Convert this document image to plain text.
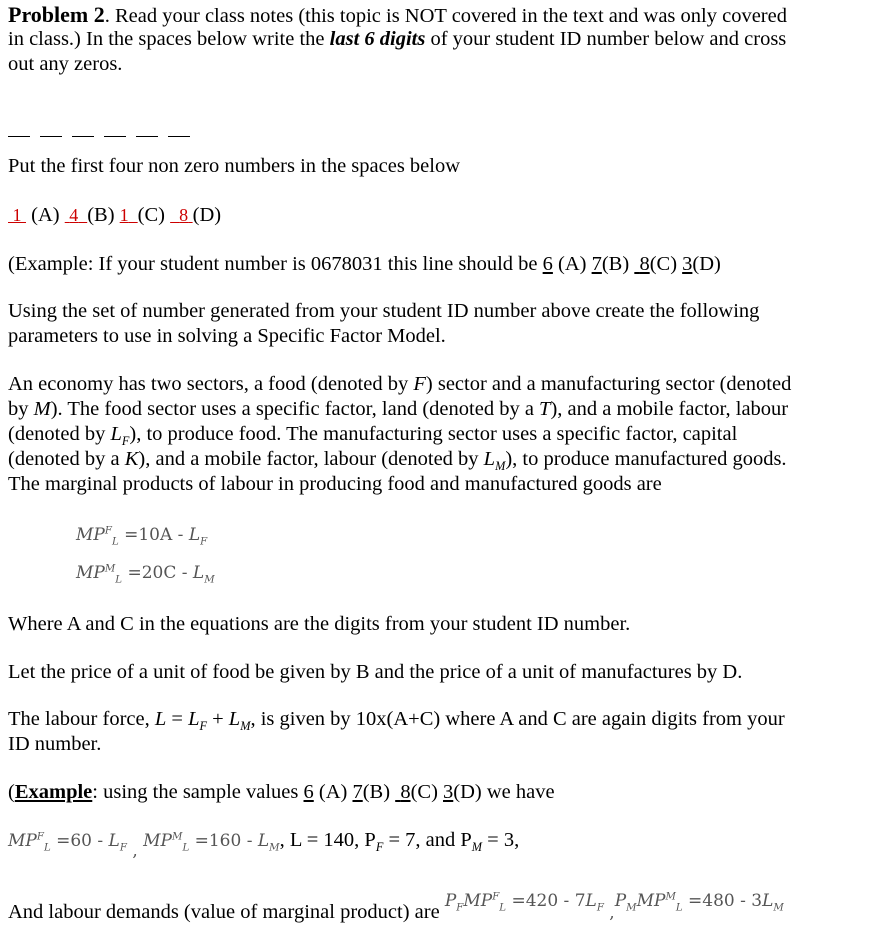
Problem 2. Read your class notes (this topic is NOT covered in the text and was only covered
in class.) In the spaces below write the last 6 digits of your student ID number below and cross
out any zeros.
Put the first four non zero numbers in the spaces below
1 (A) 4 (B) 1 (C) 8 (D)
(Example: If your student number is 0678031 this line should be 6 (A) 7(B)  8(C) 3(D)
Using the set of number generated from your student ID number above create the following
parameters to use in solving a Specific Factor Model.
An economy has two sectors, a food (denoted by F) sector and a manufacturing sector (denoted
by M). The food sector uses a specific factor, land (denoted by a T), and a mobile factor, labour
(denoted by $L_F$), to produce food. The manufacturing sector uses a specific factor, capital
(denoted by a K), and a mobile factor, labour (denoted by $L_M$), to produce manufactured goods.
The marginal products of labour in producing food and manufactured goods are
$MP^F_L =10A - L_F$
$MP^M_L =20C - L_M$
Where A and C in the equations are the digits from your student ID number.
Let the price of a unit of food be given by B and the price of a unit of manufactures by D.
The labour force, $L = L_F + L_M$, is given by 10x(A+C) where A and C are again digits from your
ID number.
(Example: using the sample values 6 (A) 7(B)  8(C) 3(D) we have
$MP^F_L =60 - L_F$ , $MP^M_L =160 - L_M$, L = 140, $P_F = 7$, and $P_M = 3$,
And labour demands (value of marginal product) are $^{P_FMP^F_L =420 - 7L_F ,P_MMP^M_L =480 - 3L_M}$
